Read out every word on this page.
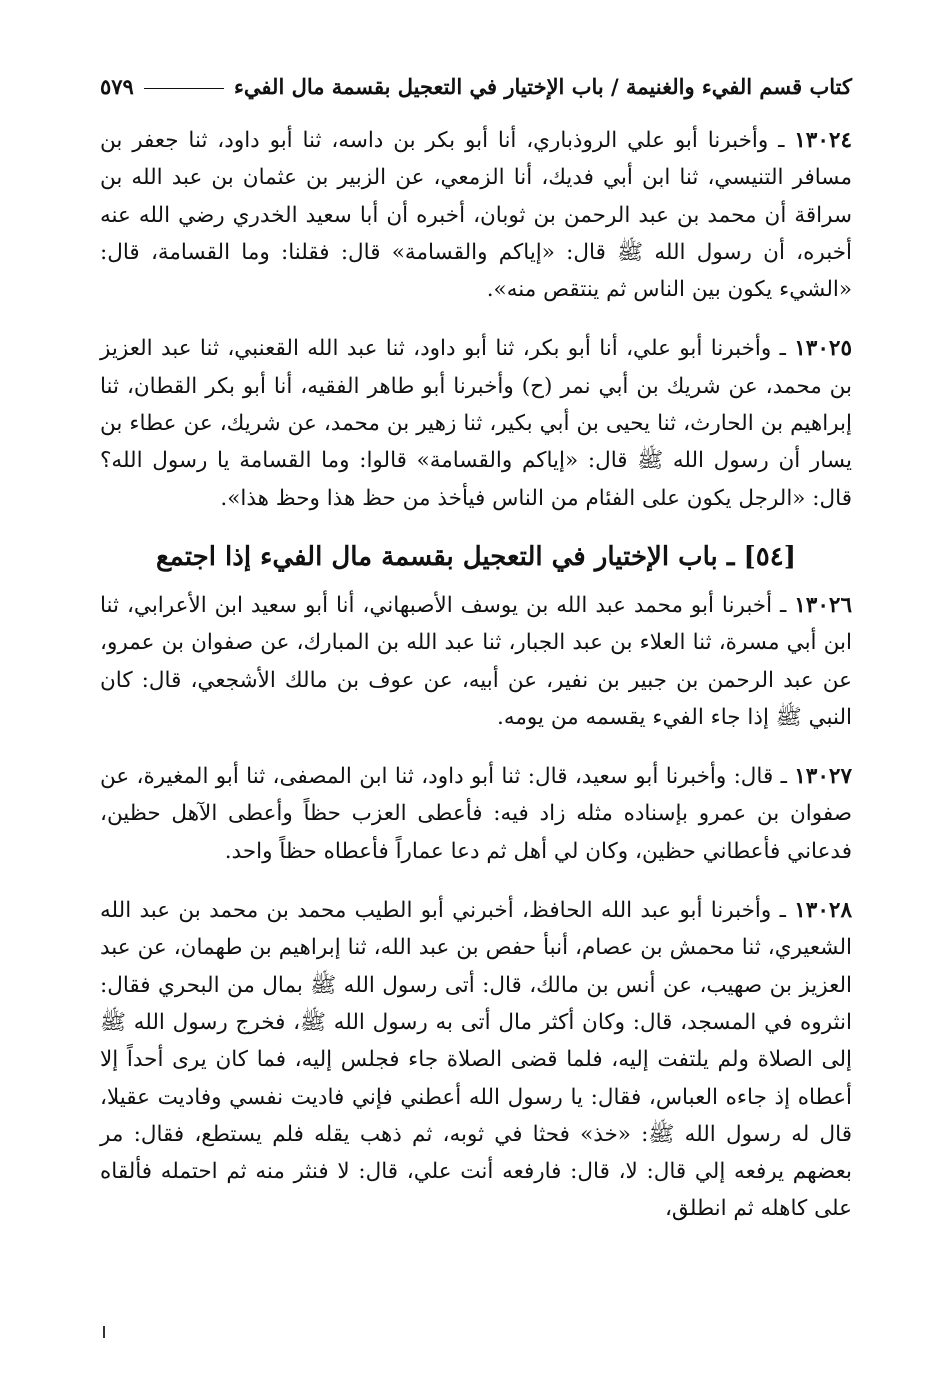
كتاب قسم الفيء والغنيمة / باب الإختيار في التعجيل بقسمة مال الفيء
٥٧٩

١٣٠٢٤ ـ وأخبرنا أبو علي الروذباري، أنا أبو بكر بن داسه، ثنا أبو داود، ثنا جعفر بن مسافر التنيسي، ثنا ابن أبي فديك، أنا الزمعي، عن الزبير بن عثمان بن عبد الله بن سراقة أن محمد بن عبد الرحمن بن ثوبان، أخبره أن أبا سعيد الخدري رضي الله عنه أخبره، أن رسول الله ﷺ قال: «إياكم والقسامة» قال: فقلنا: وما القسامة، قال: «الشيء يكون بين الناس ثم ينتقص منه».

١٣٠٢٥ ـ وأخبرنا أبو علي، أنا أبو بكر، ثنا أبو داود، ثنا عبد الله القعنبي، ثنا عبد العزيز بن محمد، عن شريك بن أبي نمر (ح) وأخبرنا أبو طاهر الفقيه، أنا أبو بكر القطان، ثنا إبراهيم بن الحارث، ثنا يحيى بن أبي بكير، ثنا زهير بن محمد، عن شريك، عن عطاء بن يسار أن رسول الله ﷺ قال: «إياكم والقسامة» قالوا: وما القسامة يا رسول الله؟ قال: «الرجل يكون على الفئام من الناس فيأخذ من حظ هذا وحظ هذا».

[٥٤] ـ باب الإختيار في التعجيل بقسمة مال الفيء إذا اجتمع

١٣٠٢٦ ـ أخبرنا أبو محمد عبد الله بن يوسف الأصبهاني، أنا أبو سعيد ابن الأعرابي، ثنا ابن أبي مسرة، ثنا العلاء بن عبد الجبار، ثنا عبد الله بن المبارك، عن صفوان بن عمرو، عن عبد الرحمن بن جبير بن نفير، عن أبيه، عن عوف بن مالك الأشجعي، قال: كان النبي ﷺ إذا جاء الفيء يقسمه من يومه.

١٣٠٢٧ ـ قال: وأخبرنا أبو سعيد، قال: ثنا أبو داود، ثنا ابن المصفى، ثنا أبو المغيرة، عن صفوان بن عمرو بإسناده مثله زاد فيه: فأعطى العزب حظاً وأعطى الآهل حظين، فدعاني فأعطاني حظين، وكان لي أهل ثم دعا عماراً فأعطاه حظاً واحد.

١٣٠٢٨ ـ وأخبرنا أبو عبد الله الحافظ، أخبرني أبو الطيب محمد بن محمد بن عبد الله الشعيري، ثنا محمش بن عصام، أنبأ حفص بن عبد الله، ثنا إبراهيم بن طهمان، عن عبد العزيز بن صهيب، عن أنس بن مالك، قال: أتى رسول الله ﷺ بمال من البحري فقال: انثروه في المسجد، قال: وكان أكثر مال أتى به رسول الله ﷺ، فخرج رسول الله ﷺ إلى الصلاة ولم يلتفت إليه، فلما قضى الصلاة جاء فجلس إليه، فما كان يرى أحداً إلا أعطاه إذ جاءه العباس، فقال: يا رسول الله أعطني فإني فاديت نفسي وفاديت عقيلا، قال له رسول الله ﷺ: «خذ» فحثا في ثوبه، ثم ذهب يقله فلم يستطع، فقال: مر بعضهم يرفعه إلي قال: لا، قال: فارفعه أنت علي، قال: لا فنثر منه ثم احتمله فألقاه على كاهله ثم انطلق،
